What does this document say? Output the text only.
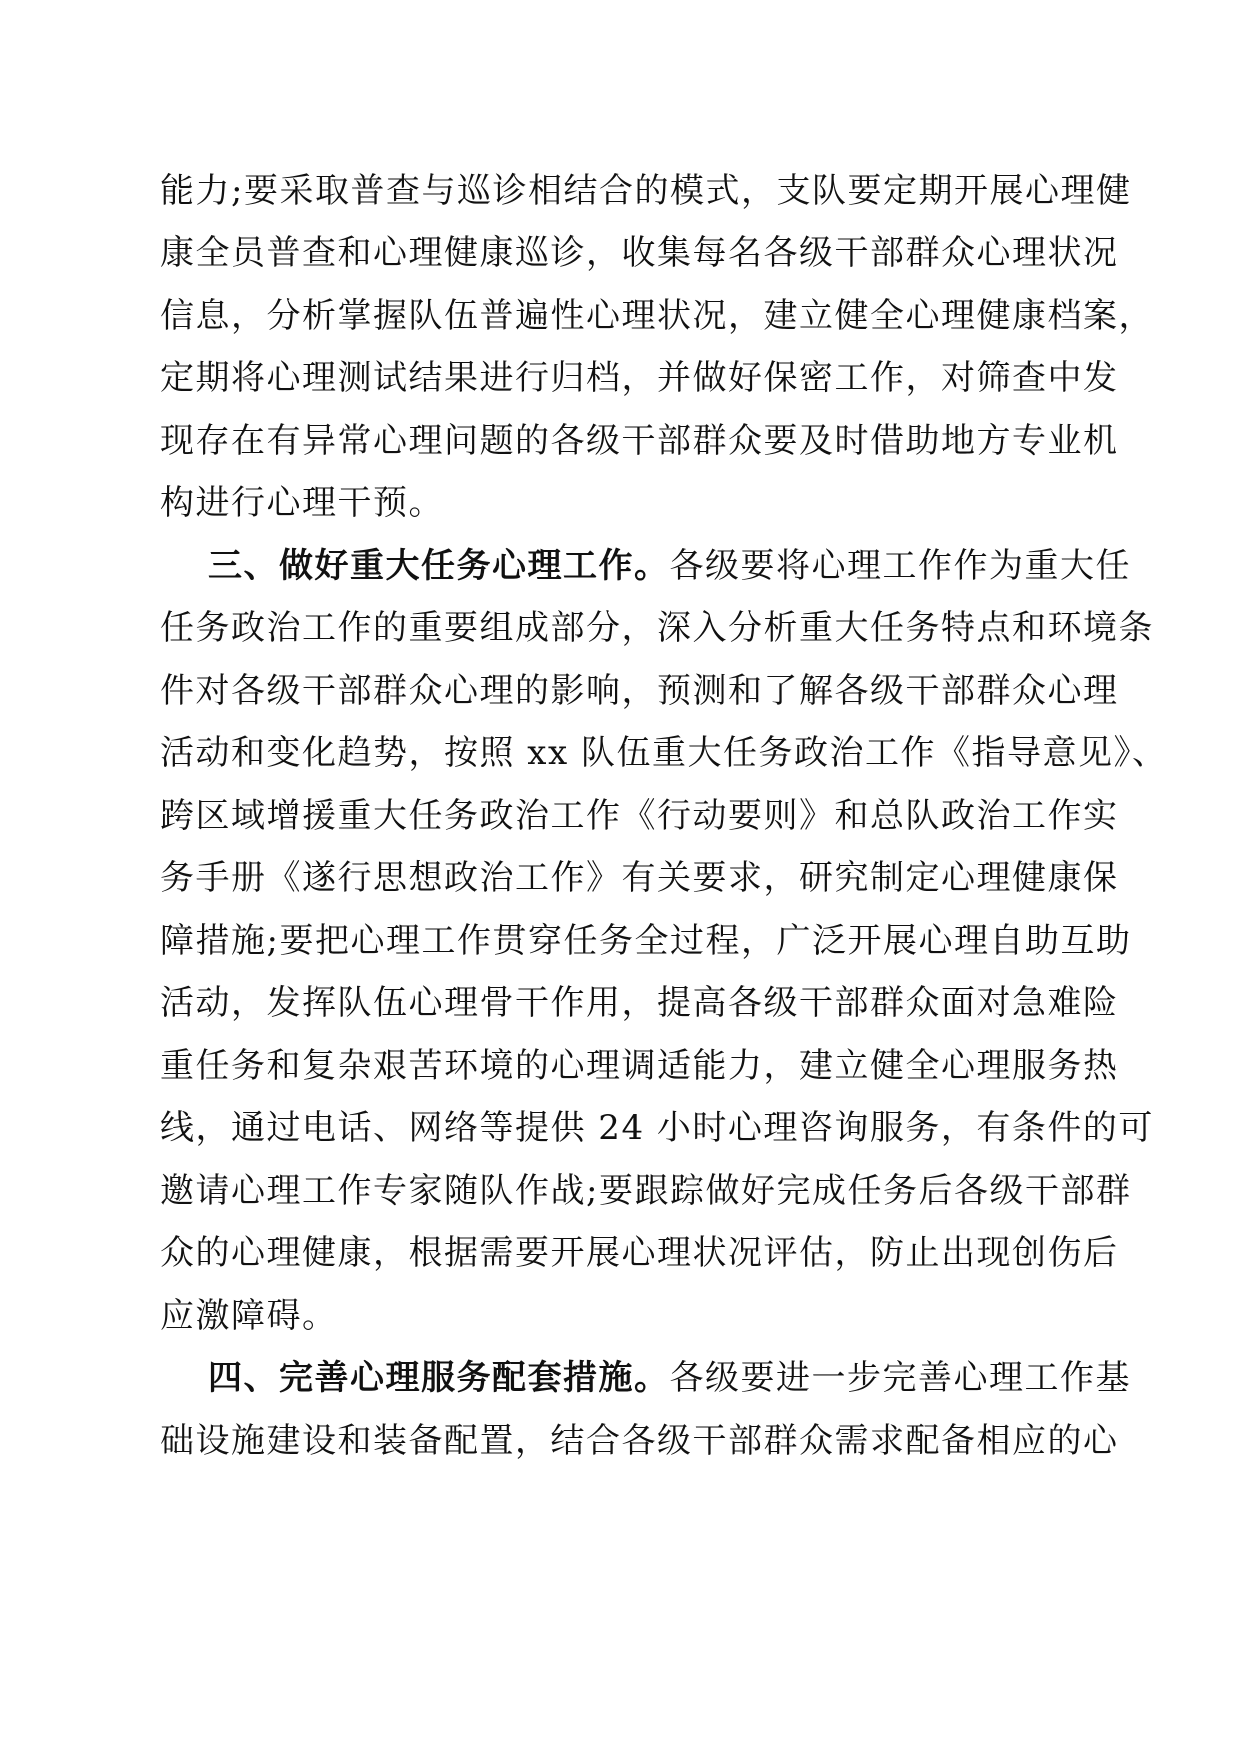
能力;要采取普查与巡诊相结合的模式，支队要定期开展心理健
康全员普查和心理健康巡诊，收集每名各级干部群众心理状况
信息，分析掌握队伍普遍性心理状况，建立健全心理健康档案，
定期将心理测试结果进行归档，并做好保密工作，对筛查中发
现存在有异常心理问题的各级干部群众要及时借助地方专业机
构进行心理干预。
三、做好重大任务心理工作。各级要将心理工作作为重大任
任务政治工作的重要组成部分，深入分析重大任务特点和环境条
件对各级干部群众心理的影响，预测和了解各级干部群众心理
活动和变化趋势，按照 xx 队伍重大任务政治工作《指导意见》、
跨区域增援重大任务政治工作《行动要则》和总队政治工作实
务手册《遂行思想政治工作》有关要求，研究制定心理健康保
障措施;要把心理工作贯穿任务全过程，广泛开展心理自助互助
活动，发挥队伍心理骨干作用，提高各级干部群众面对急难险
重任务和复杂艰苦环境的心理调适能力，建立健全心理服务热
线，通过电话、网络等提供 24 小时心理咨询服务，有条件的可
邀请心理工作专家随队作战;要跟踪做好完成任务后各级干部群
众的心理健康，根据需要开展心理状况评估，防止出现创伤后
应激障碍。
四、完善心理服务配套措施。各级要进一步完善心理工作基
础设施建设和装备配置，结合各级干部群众需求配备相应的心
